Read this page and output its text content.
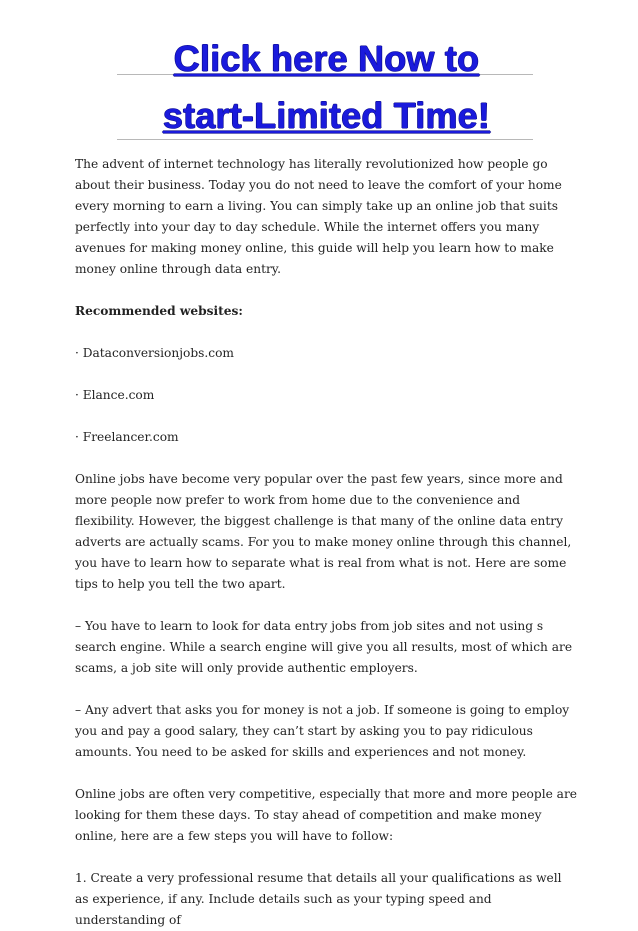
Click here Now to
start-Limited Time!

The advent of internet technology has literally revolutionized how people go about their business. Today you do not need to leave the comfort of your home every morning to earn a living. You can simply take up an online job that suits perfectly into your day to day schedule. While the internet offers you many avenues for making money online, this guide will help you learn how to make money online through data entry.

Recommended websites:

· Dataconversionjobs.com

· Elance.com

· Freelancer.com

Online jobs have become very popular over the past few years, since more and more people now prefer to work from home due to the convenience and flexibility. However, the biggest challenge is that many of the online data entry adverts are actually scams. For you to make money online through this channel, you have to learn how to separate what is real from what is not. Here are some tips to help you tell the two apart.

– You have to learn to look for data entry jobs from job sites and not using s search engine. While a search engine will give you all results, most of which are scams, a job site will only provide authentic employers.

– Any advert that asks you for money is not a job. If someone is going to employ you and pay a good salary, they can’t start by asking you to pay ridiculous amounts. You need to be asked for skills and experiences and not money.

Online jobs are often very competitive, especially that more and more people are looking for them these days. To stay ahead of competition and make money online, here are a few steps you will have to follow:

1. Create a very professional resume that details all your qualifications as well as experience, if any. Include details such as your typing speed and understanding of
